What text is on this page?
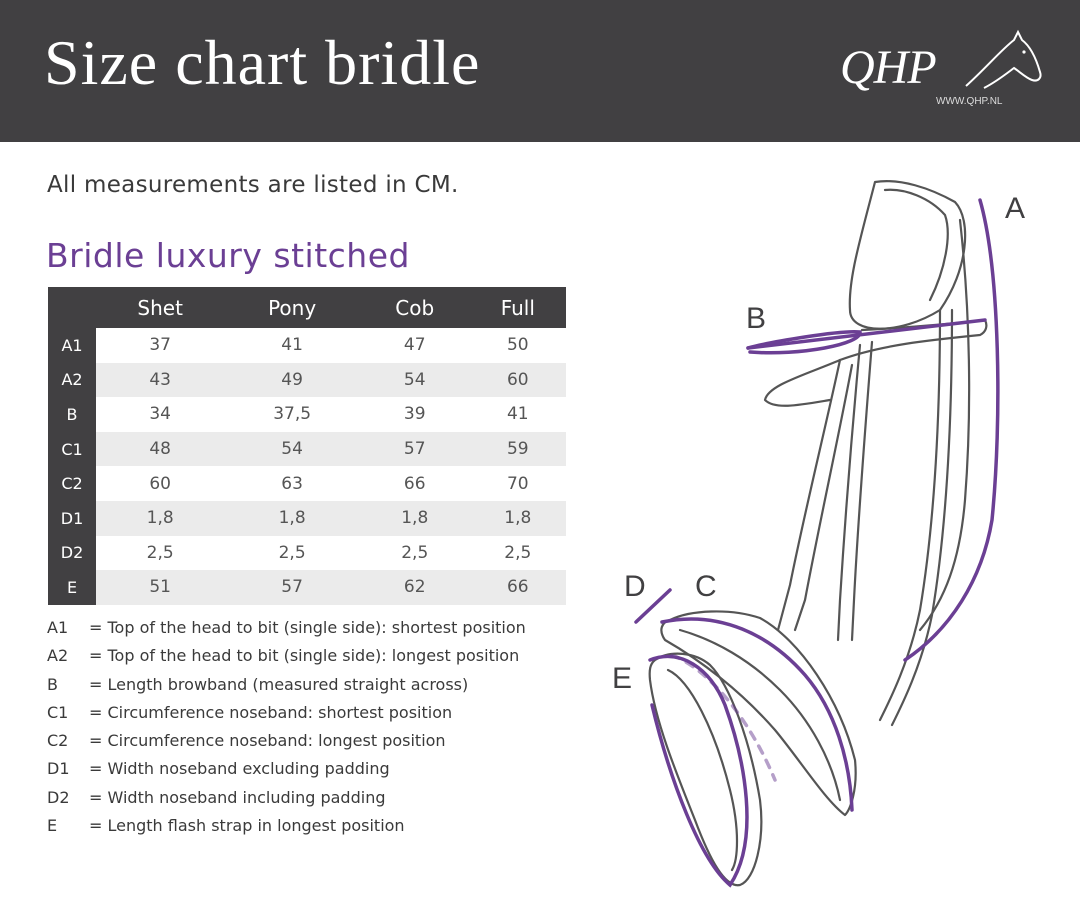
Size chart bridle	QHP
WWW.QHP.NL
All measurements are listed in CM.
Bridle luxury stitched
	Shet	Pony	Cob	Full
A1	37	41	47	50
A2	43	49	54	60
B	34	37,5	39	41
C1	48	54	57	59
C2	60	63	66	70
D1	1,8	1,8	1,8	1,8
D2	2,5	2,5	2,5	2,5
E	51	57	62	66
A1 = Top of the head to bit (single side): shortest position
A2 = Top of the head to bit (single side): longest position
B = Length browband (measured straight across)
C1 = Circumference noseband: shortest position
C2 = Circumference noseband: longest position
D1 = Width noseband excluding padding
D2 = Width noseband including padding
E = Length flash strap in longest position
A
B
C
D
E
